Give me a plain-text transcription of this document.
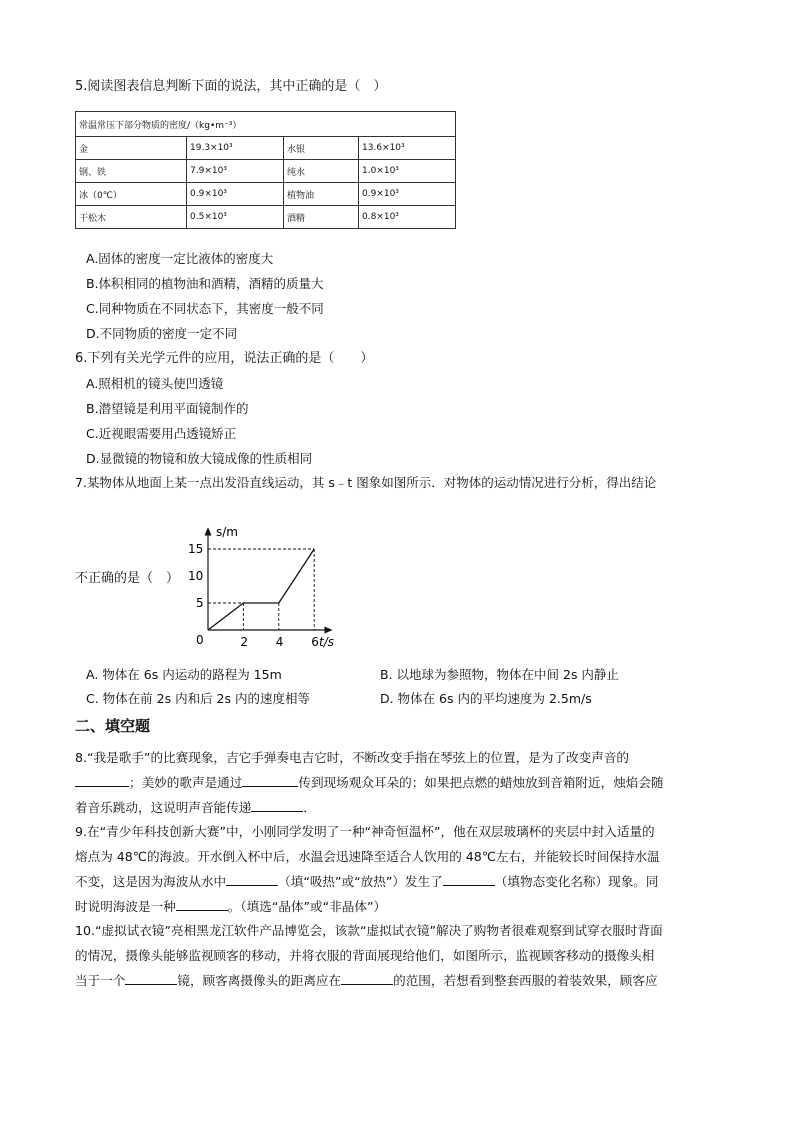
5.阅读图表信息判断下面的说法，其中正确的是（　）
常温常压下部分物质的密度/（kg•m⁻³）			
金	19.3×10³	水银	13.6×10³
钢、铁	7.9×10³	纯水	1.0×10³
冰（0℃）	0.9×10³	植物油	0.9×10³
干松木	0.5×10³	酒精	0.8×10³
A.固体的密度一定比液体的密度大
B.体积相同的植物油和酒精，酒精的质量大
C.同种物质在不同状态下，其密度一般不同
D.不同物质的密度一定不同
6.下列有关光学元件的应用，说法正确的是（　　）
A.照相机的镜头使凹透镜
B.潜望镜是利用平面镜制作的
C.近视眼需要用凸透镜矫正
D.显微镜的物镜和放大镜成像的性质相同
7.某物体从地面上某一点出发沿直线运动，其 s﹣t 图象如图所示．对物体的运动情况进行分析，得出结论
不正确的是（　）
s/m
t/s
0	2 4 6
5
10
15
A. 物体在 6s 内运动的路程为 15m	B. 以地球为参照物，物体在中间 2s 内静止
C. 物体在前 2s 内和后 2s 内的速度相等	D. 物体在 6s 内的平均速度为 2.5m/s
二、填空题
8.“我是歌手”的比赛现象，吉它手弹奏电吉它时，不断改变手指在琴弦上的位置，是为了改变声音的
；美妙的歌声是通过	传到现场观众耳朵的；如果把点燃的蜡烛放到音箱附近，烛焰会随
着音乐跳动，这说明声音能传递	．
9.在“青少年科技创新大赛”中，小刚同学发明了一种“神奇恒温杯”，他在双层玻璃杯的夹层中封入适量的
熔点为 48℃的海波。开水倒入杯中后，水温会迅速降至适合人饮用的 48℃左右，并能较长时间保持水温
不变，这是因为海波从水中	（填“吸热”或“放热”）发生了	（填物态变化名称）现象。同
时说明海波是一种	。（填选“晶体”或“非晶体”）
10.“虚拟试衣镜”亮相黑龙江软件产品博览会，该款“虚拟试衣镜”解决了购物者很难观察到试穿衣服时背面
的情况，摄像头能够监视顾客的移动，并将衣服的背面展现给他们，如图所示，监视顾客移动的摄像头相
当于一个	镜，顾客离摄像头的距离应在	的范围，若想看到整套西服的着装效果，顾客应
